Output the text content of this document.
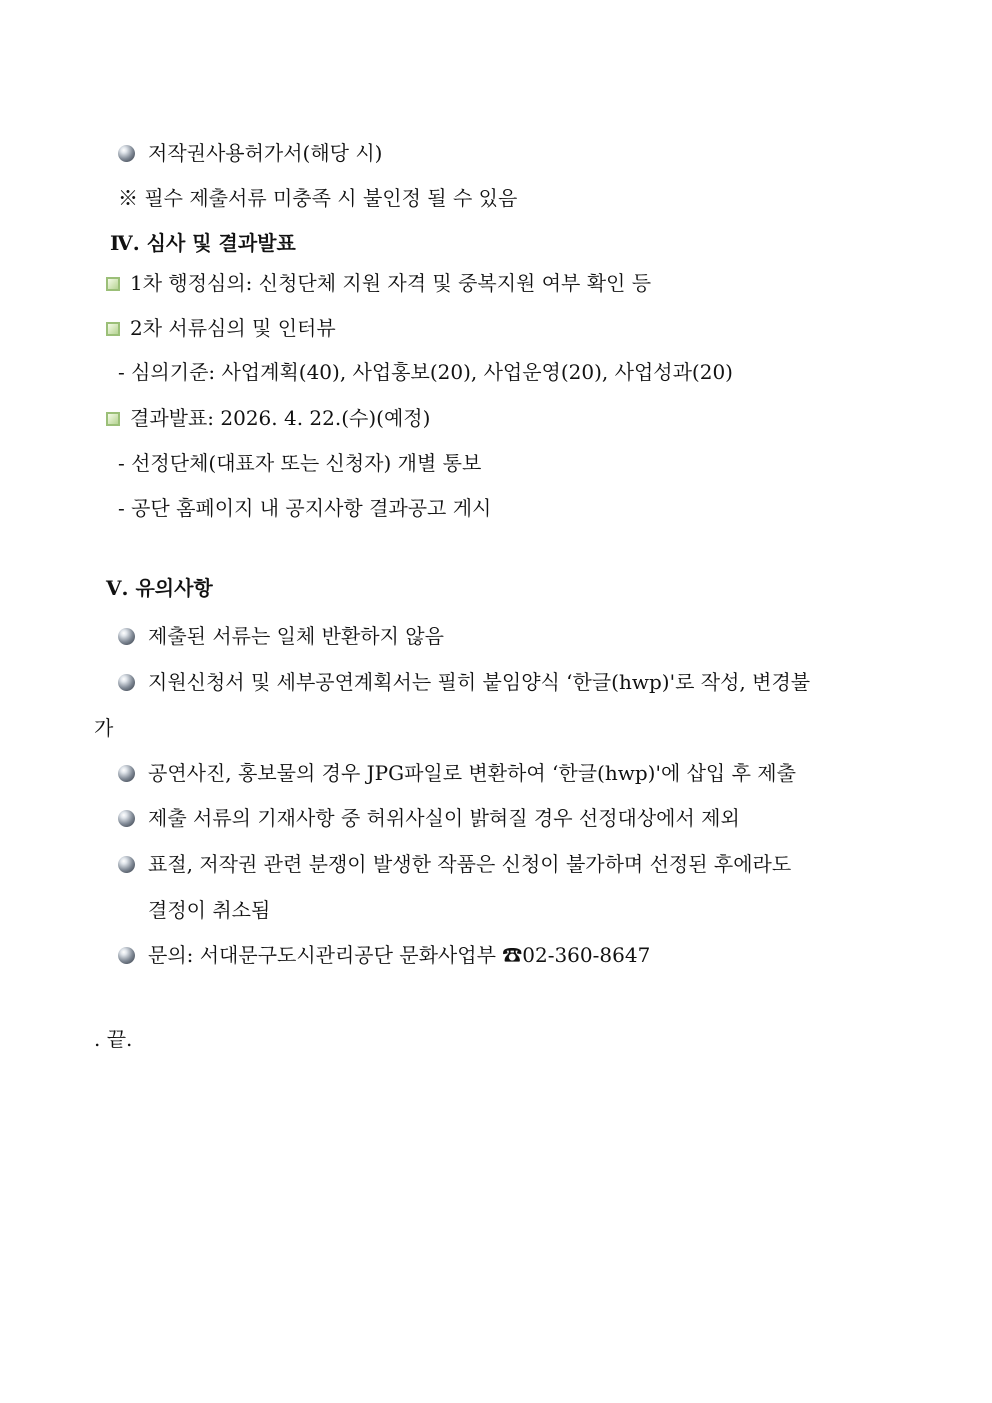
저작권사용허가서(해당 시)
※ 필수 제출서류 미충족 시 불인정 될 수 있음
Ⅳ. 심사 및 결과발표
1차 행정심의: 신청단체 지원 자격 및 중복지원 여부 확인 등
2차 서류심의 및 인터뷰
- 심의기준: 사업계획(40), 사업홍보(20), 사업운영(20), 사업성과(20)
결과발표: 2026. 4. 22.(수)(예정)
- 선정단체(대표자 또는 신청자) 개별 통보
- 공단 홈페이지 내 공지사항 결과공고 게시
Ⅴ. 유의사항
제출된 서류는 일체 반환하지 않음
지원신청서 및 세부공연계획서는 필히 붙임양식 ‘한글(hwp)'로 작성, 변경불
가
공연사진, 홍보물의 경우 JPG파일로 변환하여 ‘한글(hwp)'에 삽입 후 제출
제출 서류의 기재사항 중 허위사실이 밝혀질 경우 선정대상에서 제외
표절, 저작권 관련 분쟁이 발생한 작품은 신청이 불가하며 선정된 후에라도
결정이 취소됨
문의: 서대문구도시관리공단 문화사업부 ☎02-360-8647
. 끝.
